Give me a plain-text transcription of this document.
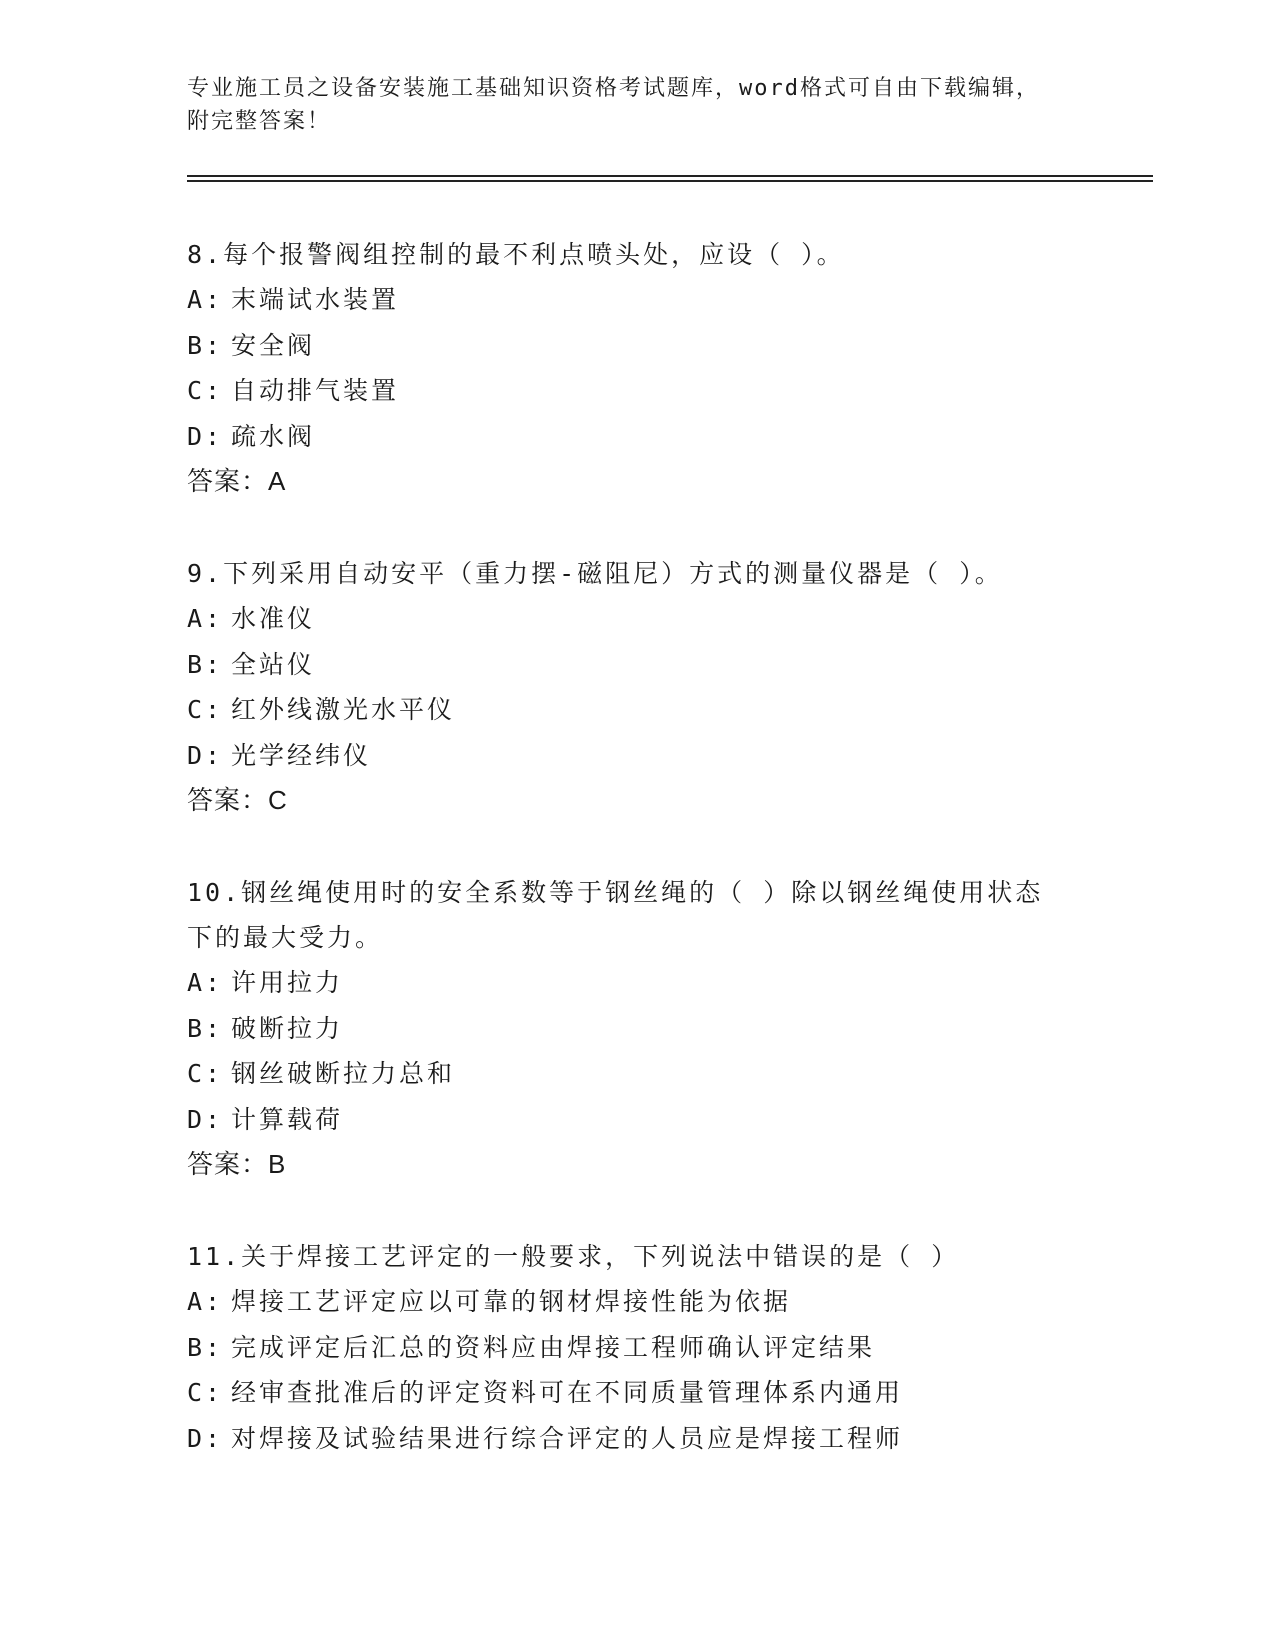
专业施工员之设备安装施工基础知识资格考试题库，word格式可自由下载编辑，
附完整答案！
8.每个报警阀组控制的最不利点喷头处，应设（ ）。
A: 末端试水装置
B: 安全阀
C: 自动排气装置
D: 疏水阀
答案：A
9.下列采用自动安平（重力摆-磁阻尼）方式的测量仪器是（ ）。
A: 水准仪
B: 全站仪
C: 红外线激光水平仪
D: 光学经纬仪
答案：C
10.钢丝绳使用时的安全系数等于钢丝绳的（ ）除以钢丝绳使用状态
下的最大受力。
A: 许用拉力
B: 破断拉力
C: 钢丝破断拉力总和
D: 计算载荷
答案：B
11.关于焊接工艺评定的一般要求，下列说法中错误的是（ ）
A: 焊接工艺评定应以可靠的钢材焊接性能为依据
B: 完成评定后汇总的资料应由焊接工程师确认评定结果
C: 经审查批准后的评定资料可在不同质量管理体系内通用
D: 对焊接及试验结果进行综合评定的人员应是焊接工程师
